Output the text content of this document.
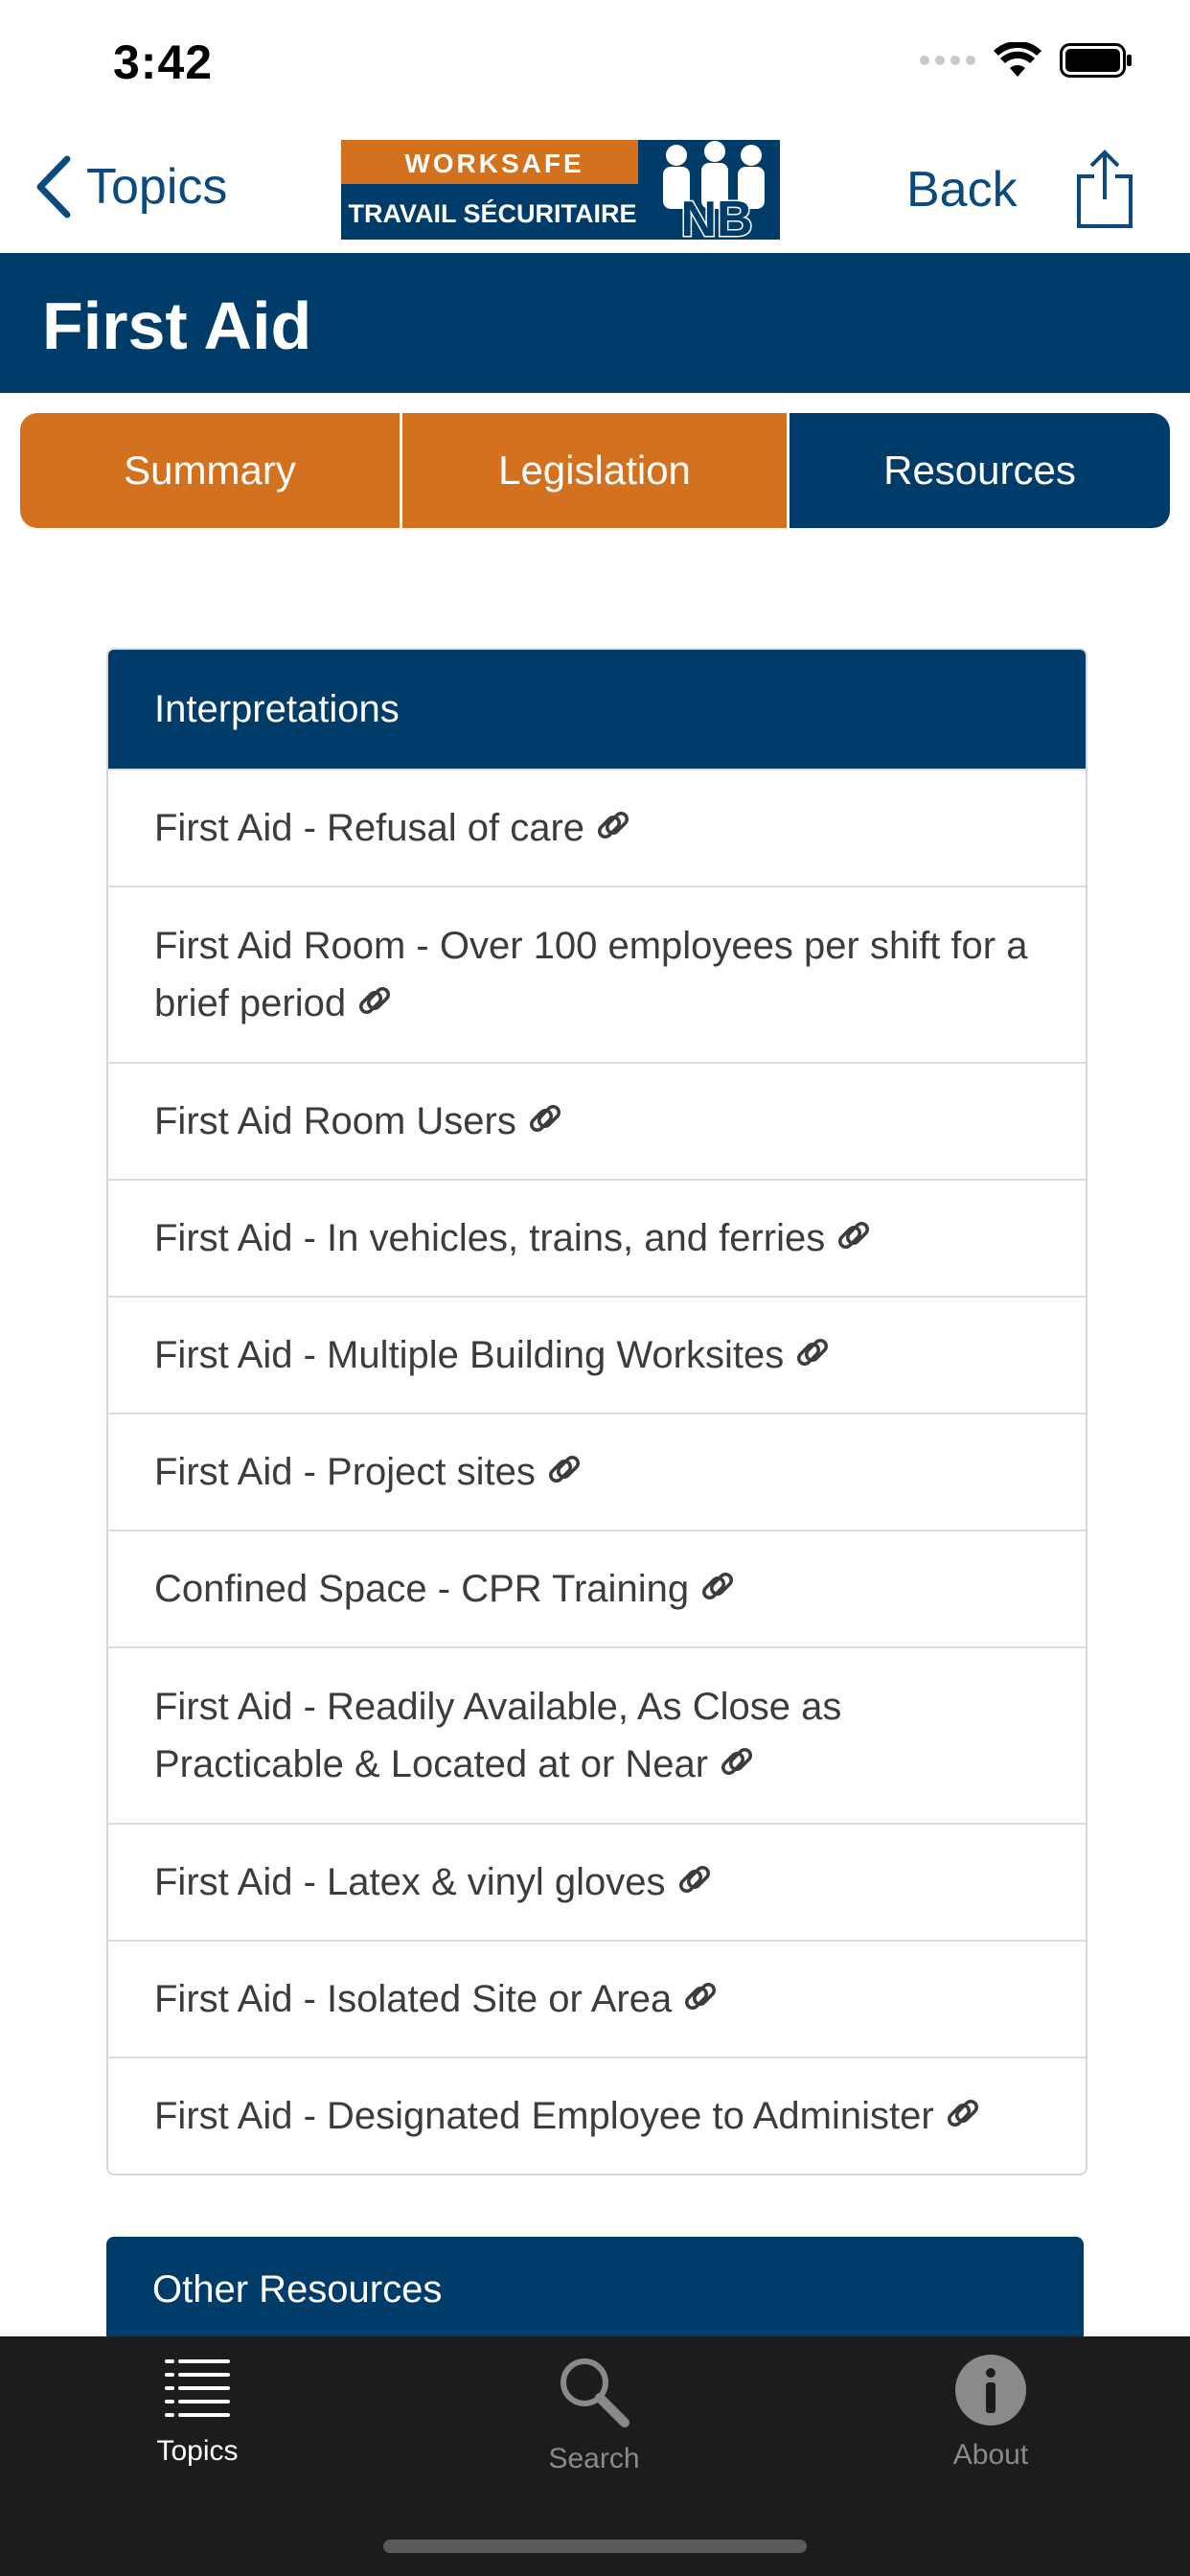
3:42
Topics	WORKSAFE
TRAVAIL SÉCURITAIRE NB
Back
First Aid
Summary	Legislation	Resources
Interpretations
First Aid - Refusal of care
First Aid Room - Over 100 employees per shift for a brief period
First Aid Room Users
First Aid - In vehicles, trains, and ferries
First Aid - Multiple Building Worksites
First Aid - Project sites
Confined Space - CPR Training
First Aid - Readily Available, As Close as Practicable & Located at or Near
First Aid - Latex & vinyl gloves
First Aid - Isolated Site or Area
First Aid - Designated Employee to Administer
Other Resources
Topics	Search	About
